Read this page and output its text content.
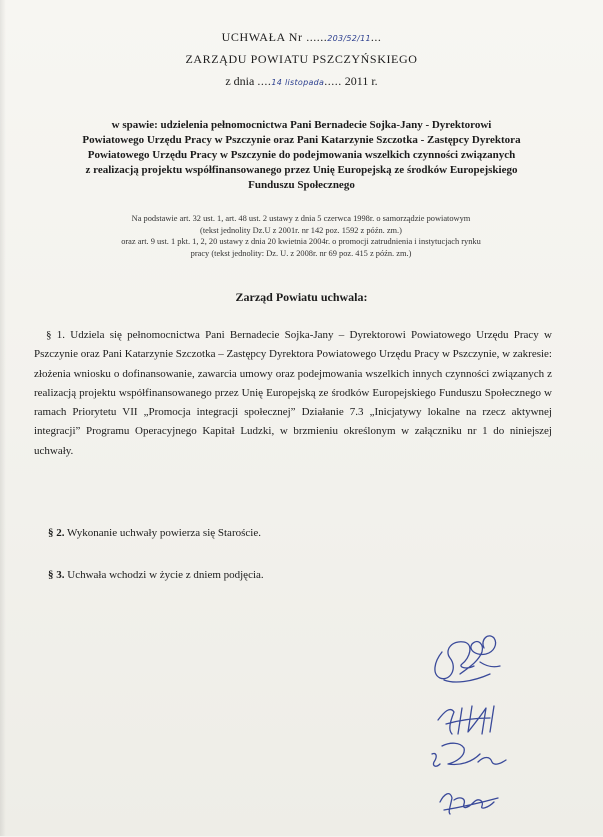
UCHWAŁA Nr ......203/52/11...
ZARZĄDU POWIATU PSZCZYŃSKIEGO
z dnia ....14 listopada..... 2011 r.
w spawie: udzielenia pełnomocnictwa Pani Bernadecie Sojka-Jany - Dyrektorowi
Powiatowego Urzędu Pracy w Pszczynie oraz Pani Katarzynie Szczotka - Zastępcy Dyrektora
Powiatowego Urzędu Pracy w Pszczynie do podejmowania wszelkich czynności związanych
z realizacją projektu współfinansowanego przez Unię Europejską ze środków Europejskiego
Funduszu Społecznego
Na podstawie art. 32 ust. 1, art. 48 ust. 2 ustawy z dnia 5 czerwca 1998r. o samorządzie powiatowym
(tekst jednolity Dz.U z 2001r. nr 142 poz. 1592 z późn. zm.)
oraz art. 9 ust. 1 pkt. 1, 2, 20 ustawy z dnia 20 kwietnia 2004r. o promocji zatrudnienia i instytucjach rynku
pracy (tekst jednolity: Dz. U. z 2008r. nr 69 poz. 415 z późn. zm.)
Zarząd Powiatu uchwala:
§ 1. Udziela się pełnomocnictwa Pani Bernadecie Sojka-Jany – Dyrektorowi Powiatowego Urzędu Pracy w Pszczynie oraz Pani Katarzynie Szczotka – Zastępcy Dyrektora Powiatowego Urzędu Pracy w Pszczynie, w zakresie: złożenia wniosku o dofinansowanie, zawarcia umowy oraz podejmowania wszelkich innych czynności związanych z realizacją projektu współfinansowanego przez Unię Europejską ze środków Europejskiego Funduszu Społecznego w ramach Priorytetu VII „Promocja integracji społecznej” Działanie 7.3 „Inicjatywy lokalne na rzecz aktywnej integracji” Programu Operacyjnego Kapitał Ludzki, w brzmieniu określonym w załączniku nr 1 do niniejszej uchwały.
§ 2. Wykonanie uchwały powierza się Staroście.
§ 3. Uchwała wchodzi w życie z dniem podjęcia.
